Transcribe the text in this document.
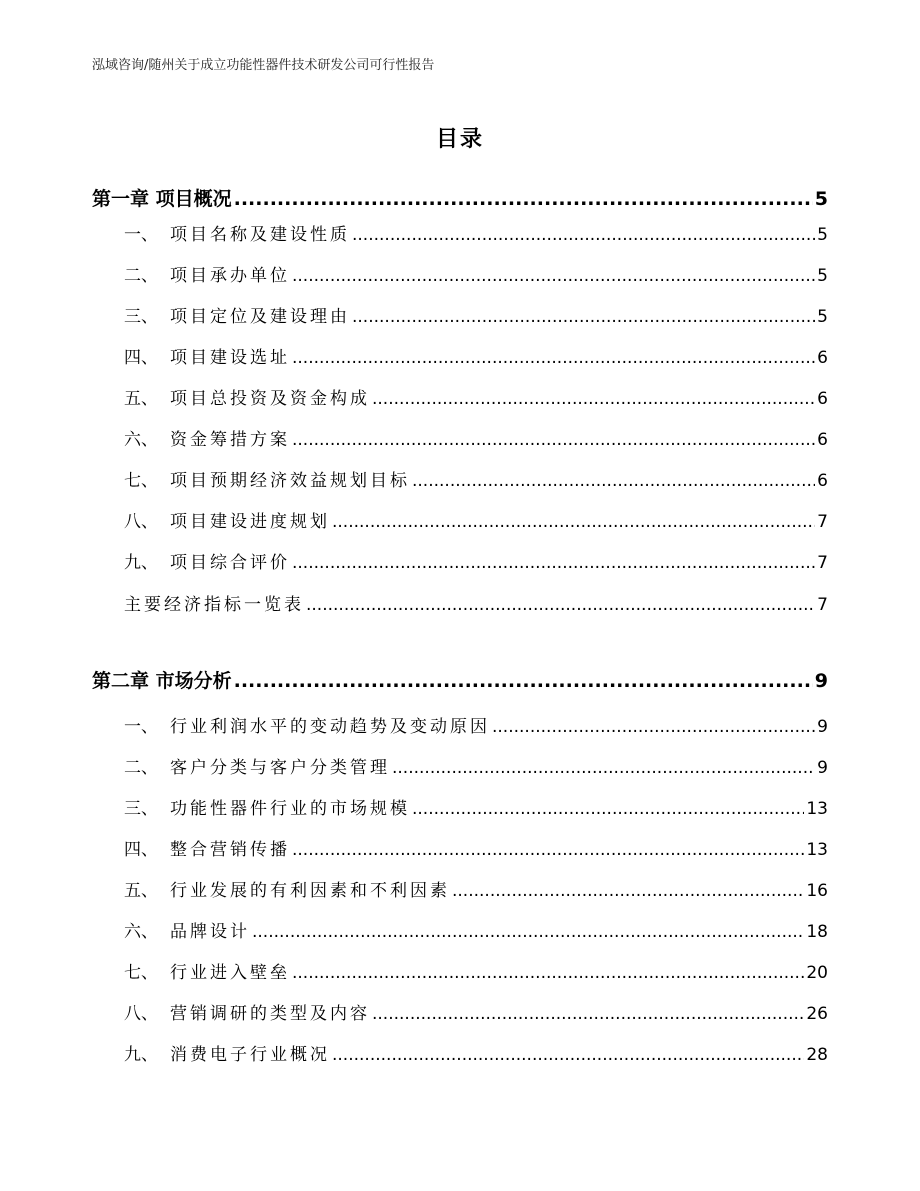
泓域咨询/随州关于成立功能性器件技术研发公司可行性报告
目录
第一章 项目概况 .....	5
一、 项目名称及建设性质 .....	5
二、 项目承办单位 .....	5
三、 项目定位及建设理由 .....	5
四、 项目建设选址 .....	6
五、 项目总投资及资金构成 .....	6
六、 资金筹措方案 .....	6
七、 项目预期经济效益规划目标 .....	6
八、 项目建设进度规划 .....	7
九、 项目综合评价 .....	7
主要经济指标一览表 .....	7
第二章 市场分析 .....	9
一、 行业利润水平的变动趋势及变动原因 .....	9
二、 客户分类与客户分类管理 .....	9
三、 功能性器件行业的市场规模 .....	13
四、 整合营销传播 .....	13
五、 行业发展的有利因素和不利因素 .....	16
六、 品牌设计 .....	18
七、 行业进入壁垒 .....	20
八、 营销调研的类型及内容 .....	26
九、 消费电子行业概况 .....	28
